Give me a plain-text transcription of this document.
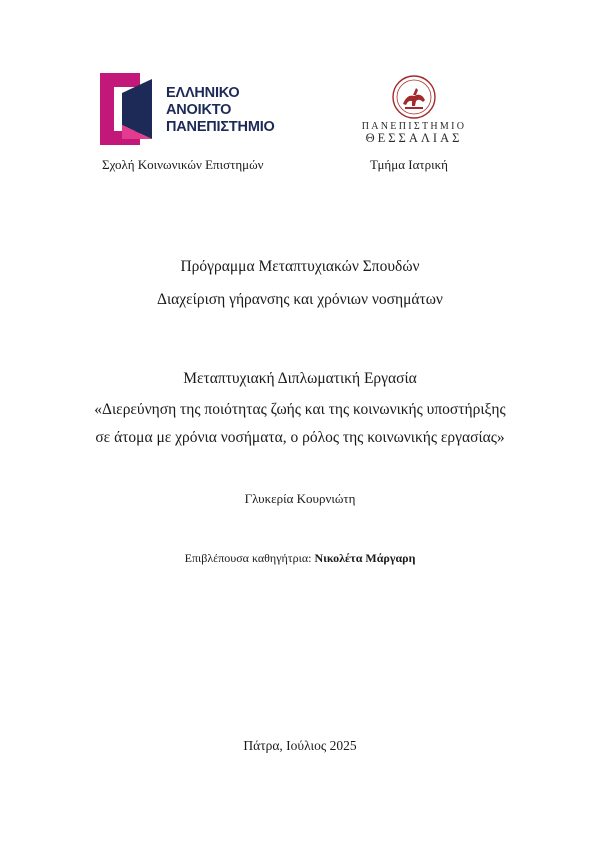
ΕΛΛΗΝΙΚΟ
ΑΝΟΙΚΤΟ
ΠΑΝΕΠΙΣΤΗΜΙΟ	ΠΑΝΕΠΙΣΤΗΜΙΟ
ΘΕΣΣΑΛΙΑΣ
Σχολή Κοινωνικών Επιστημών	Τμήμα Ιατρική
Πρόγραμμα Μεταπτυχιακών Σπουδών
Διαχείριση γήρανσης και χρόνιων νοσημάτων
Μεταπτυχιακή Διπλωματική Εργασία
«Διερεύνηση της ποιότητας ζωής και της κοινωνικής υποστήριξης
σε άτομα με χρόνια νοσήματα, ο ρόλος της κοινωνικής εργασίας»
Γλυκερία Κουρνιώτη
Επιβλέπουσα καθηγήτρια: Νικολέτα Μάργαρη
Πάτρα, Ιούλιος 2025
